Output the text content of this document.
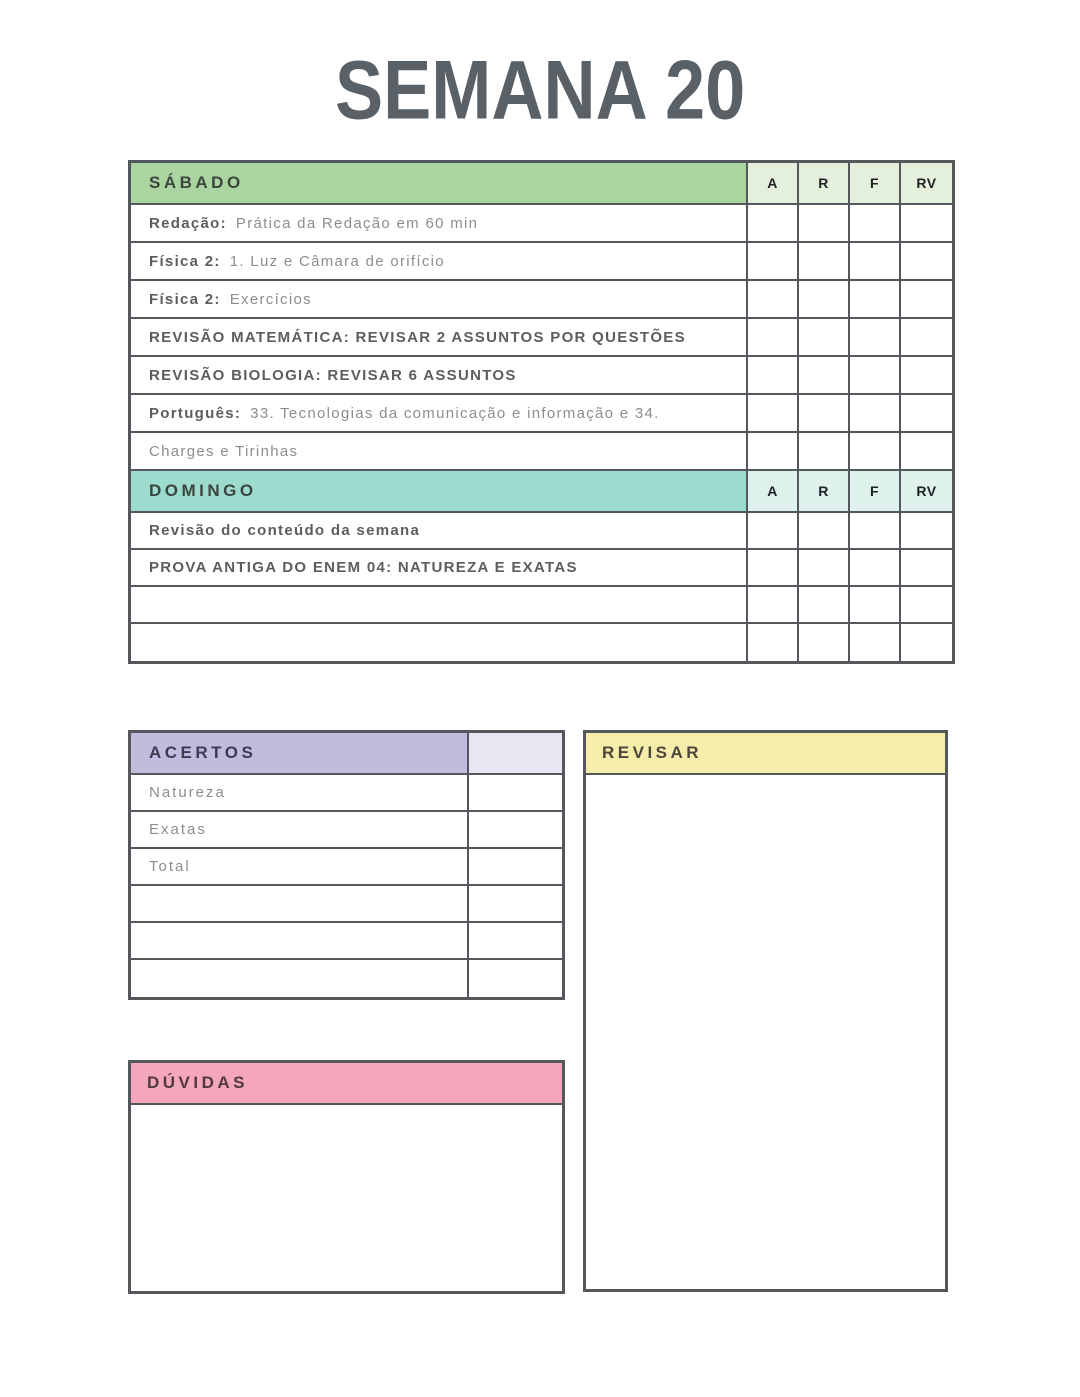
SEMANA 20
SÁBADO	A	R	F	RV
Redação: Prática da Redação em 60 min
Física 2: 1. Luz e Câmara de orifício
Física 2: Exercícios
REVISÃO MATEMÁTICA: REVISAR 2 ASSUNTOS POR QUESTÕES
REVISÃO BIOLOGIA: REVISAR 6 ASSUNTOS
Português: 33. Tecnologias da comunicação e informação e 34.
Charges e Tirinhas
DOMINGO	A	R	F	RV
Revisão do conteúdo da semana
PROVA ANTIGA DO ENEM 04: NATUREZA E EXATAS
ACERTOS
Natureza
Exatas
Total
REVISAR
DÚVIDAS
